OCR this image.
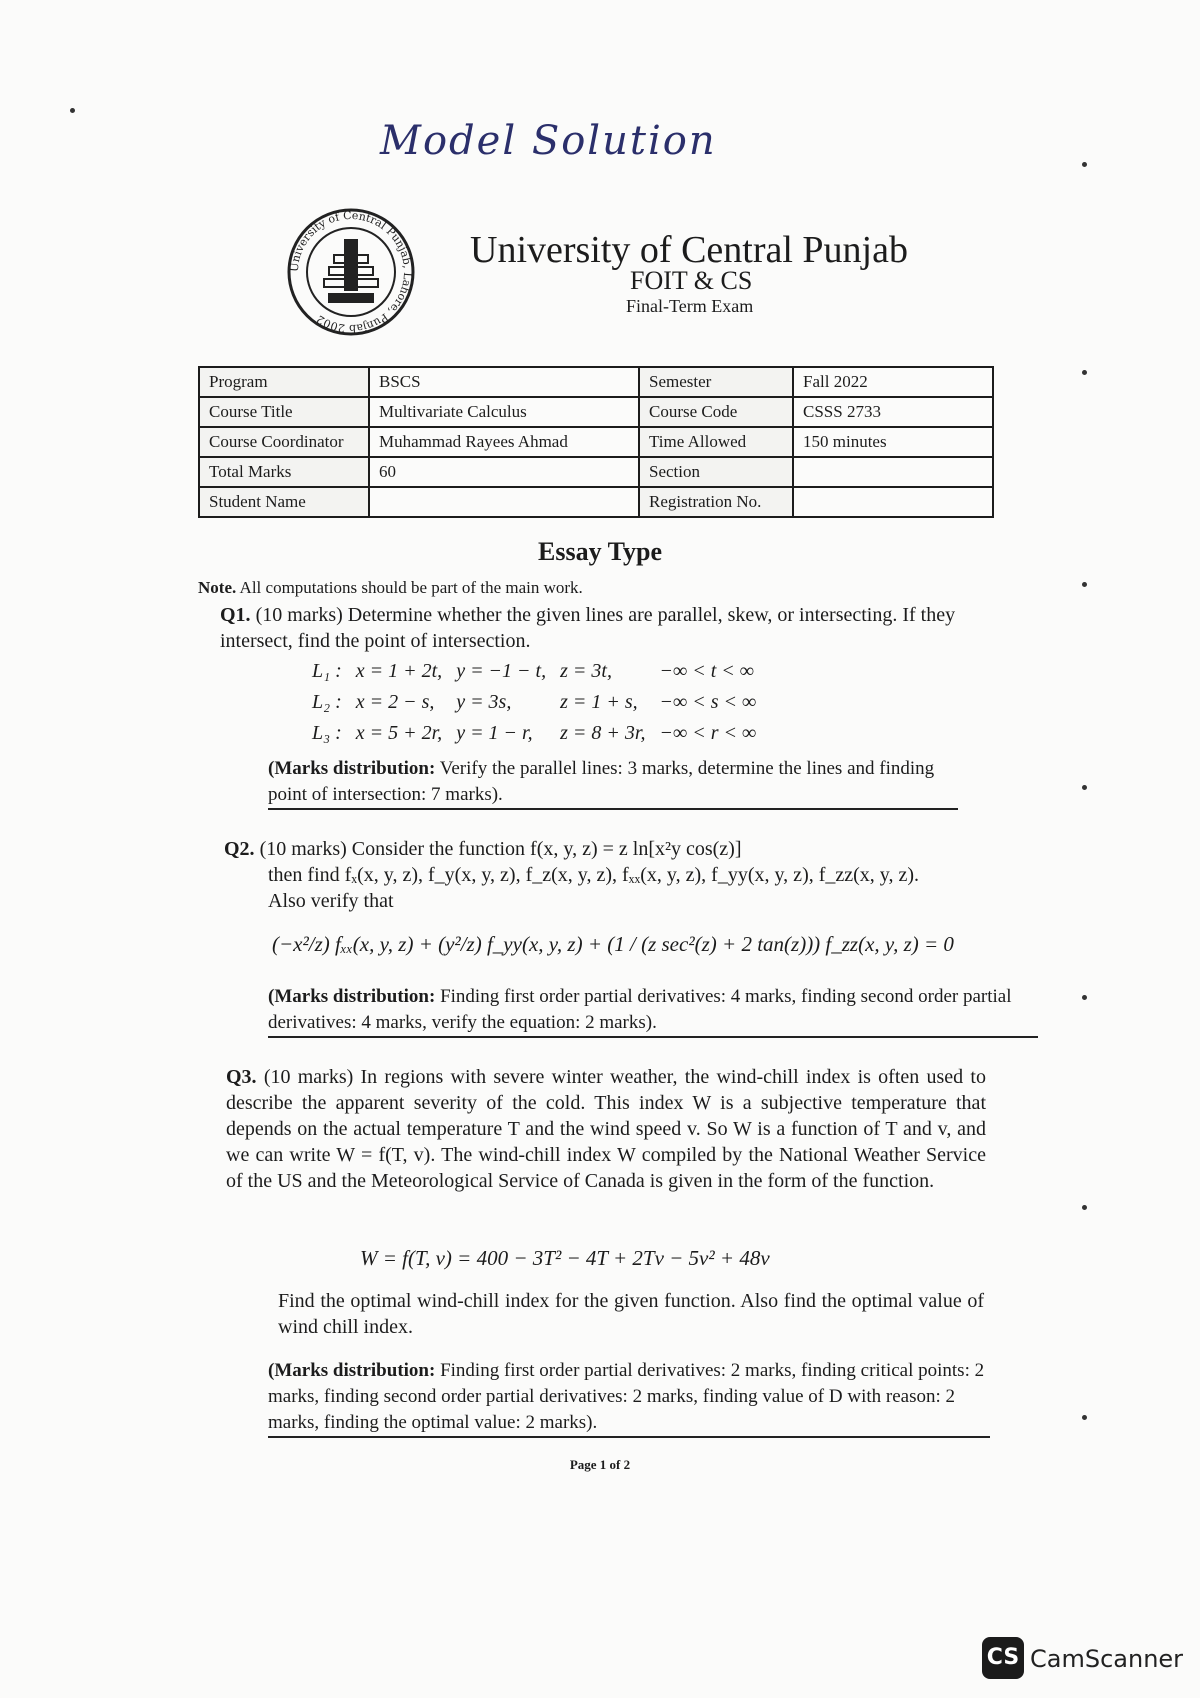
Model Solution
University of Central Punjab, Lahore, Punjab 2002
University of Central Punjab
FOIT & CS
Final-Term Exam
Program	BSCS	Semester	Fall 2022
Course Title	Multivariate Calculus	Course Code	CSSS 2733
Course Coordinator	Muhammad Rayees Ahmad	Time Allowed	150 minutes
Total Marks	60	Section	
Student Name		Registration No.	
Essay Type
Note. All computations should be part of the main work.
Q1. (10 marks) Determine whether the given lines are parallel, skew, or intersecting. If they intersect, find the point of intersection.
L₁ :	x = 1 + 2t,	y = −1 − t,	z = 3t,	−∞ < t < ∞
L₂ :	x = 2 − s,	y = 3s,	z = 1 + s,	−∞ < s < ∞
L₃ :	x = 5 + 2r,	y = 1 − r,	z = 8 + 3r,	−∞ < r < ∞
(Marks distribution: Verify the parallel lines: 3 marks, determine the lines and finding point of intersection: 7 marks).
Q2. (10 marks) Consider the function f(x, y, z) = z ln[x²y cos(z)]
then find fₓ(x, y, z), f_y(x, y, z), f_z(x, y, z), fₓₓ(x, y, z), f_yy(x, y, z), f_zz(x, y, z).
Also verify that
(−x²/z) fₓₓ(x, y, z) + (y²/z) f_yy(x, y, z) + (1 / (z sec²(z) + 2 tan(z))) f_zz(x, y, z) = 0
(Marks distribution: Finding first order partial derivatives: 4 marks, finding second order partial derivatives: 4 marks, verify the equation: 2 marks).
Q3. (10 marks) In regions with severe winter weather, the wind-chill index is often used to describe the apparent severity of the cold. This index W is a subjective temperature that depends on the actual temperature T and the wind speed v. So W is a function of T and v, and we can write W = f(T, v). The wind-chill index W compiled by the National Weather Service of the US and the Meteorological Service of Canada is given in the form of the function.
W = f(T, v) = 400 − 3T² − 4T + 2Tv − 5v² + 48v
Find the optimal wind-chill index for the given function. Also find the optimal value of wind chill index.
(Marks distribution: Finding first order partial derivatives: 2 marks, finding critical points: 2 marks, finding second order partial derivatives: 2 marks, finding value of D with reason: 2 marks, finding the optimal value: 2 marks).
Page 1 of 2
CS CamScanner
